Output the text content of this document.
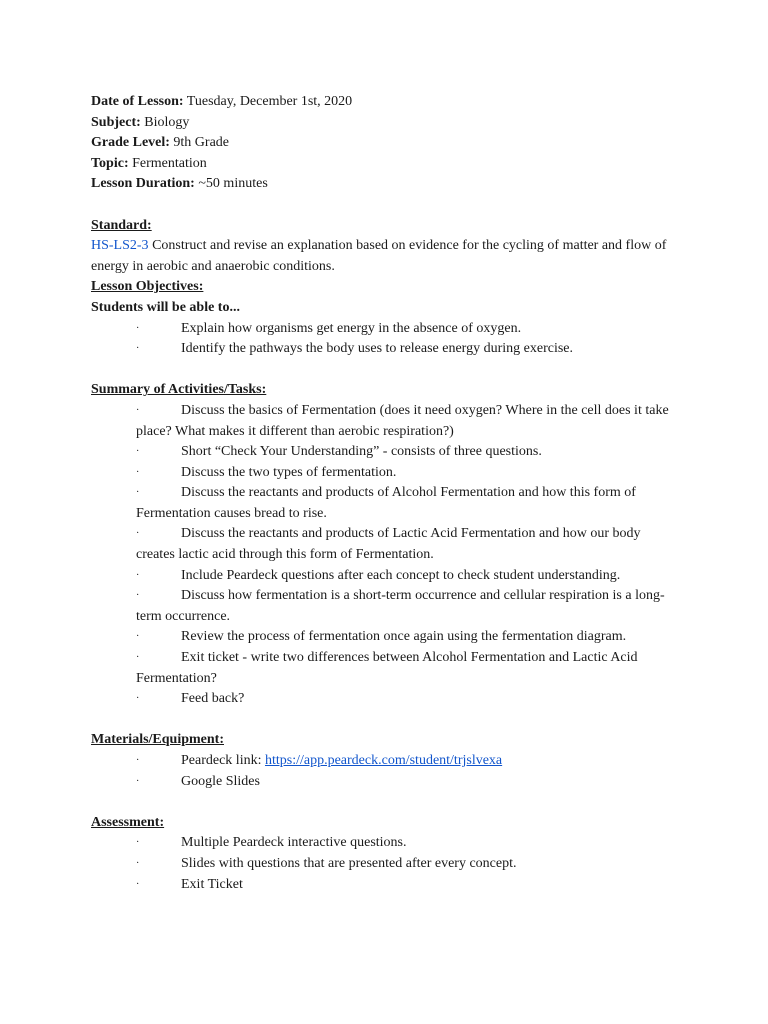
Date of Lesson: Tuesday, December 1st, 2020
Subject: Biology
Grade Level: 9th Grade
Topic: Fermentation
Lesson Duration: ~50 minutes
Standard:
HS-LS2-3 Construct and revise an explanation based on evidence for the cycling of matter and flow of energy in aerobic and anaerobic conditions.
Lesson Objectives:
Students will be able to...
·	Explain how organisms get energy in the absence of oxygen.
·	Identify the pathways the body uses to release energy during exercise.
Summary of Activities/Tasks:
·	Discuss the basics of Fermentation (does it need oxygen? Where in the cell does it take place? What makes it different than aerobic respiration?)
·	Short “Check Your Understanding” - consists of three questions.
·	Discuss the two types of fermentation.
·	Discuss the reactants and products of Alcohol Fermentation and how this form of Fermentation causes bread to rise.
·	Discuss the reactants and products of Lactic Acid Fermentation and how our body creates lactic acid through this form of Fermentation.
·	Include Peardeck questions after each concept to check student understanding.
·	Discuss how fermentation is a short-term occurrence and cellular respiration is a long-term occurrence.
·	Review the process of fermentation once again using the fermentation diagram.
·	Exit ticket - write two differences between Alcohol Fermentation and Lactic Acid Fermentation?
·	Feed back?
Materials/Equipment:
·	Peardeck link: https://app.peardeck.com/student/trjslvexa
·	Google Slides
Assessment:
·	Multiple Peardeck interactive questions.
·	Slides with questions that are presented after every concept.
·	Exit Ticket
